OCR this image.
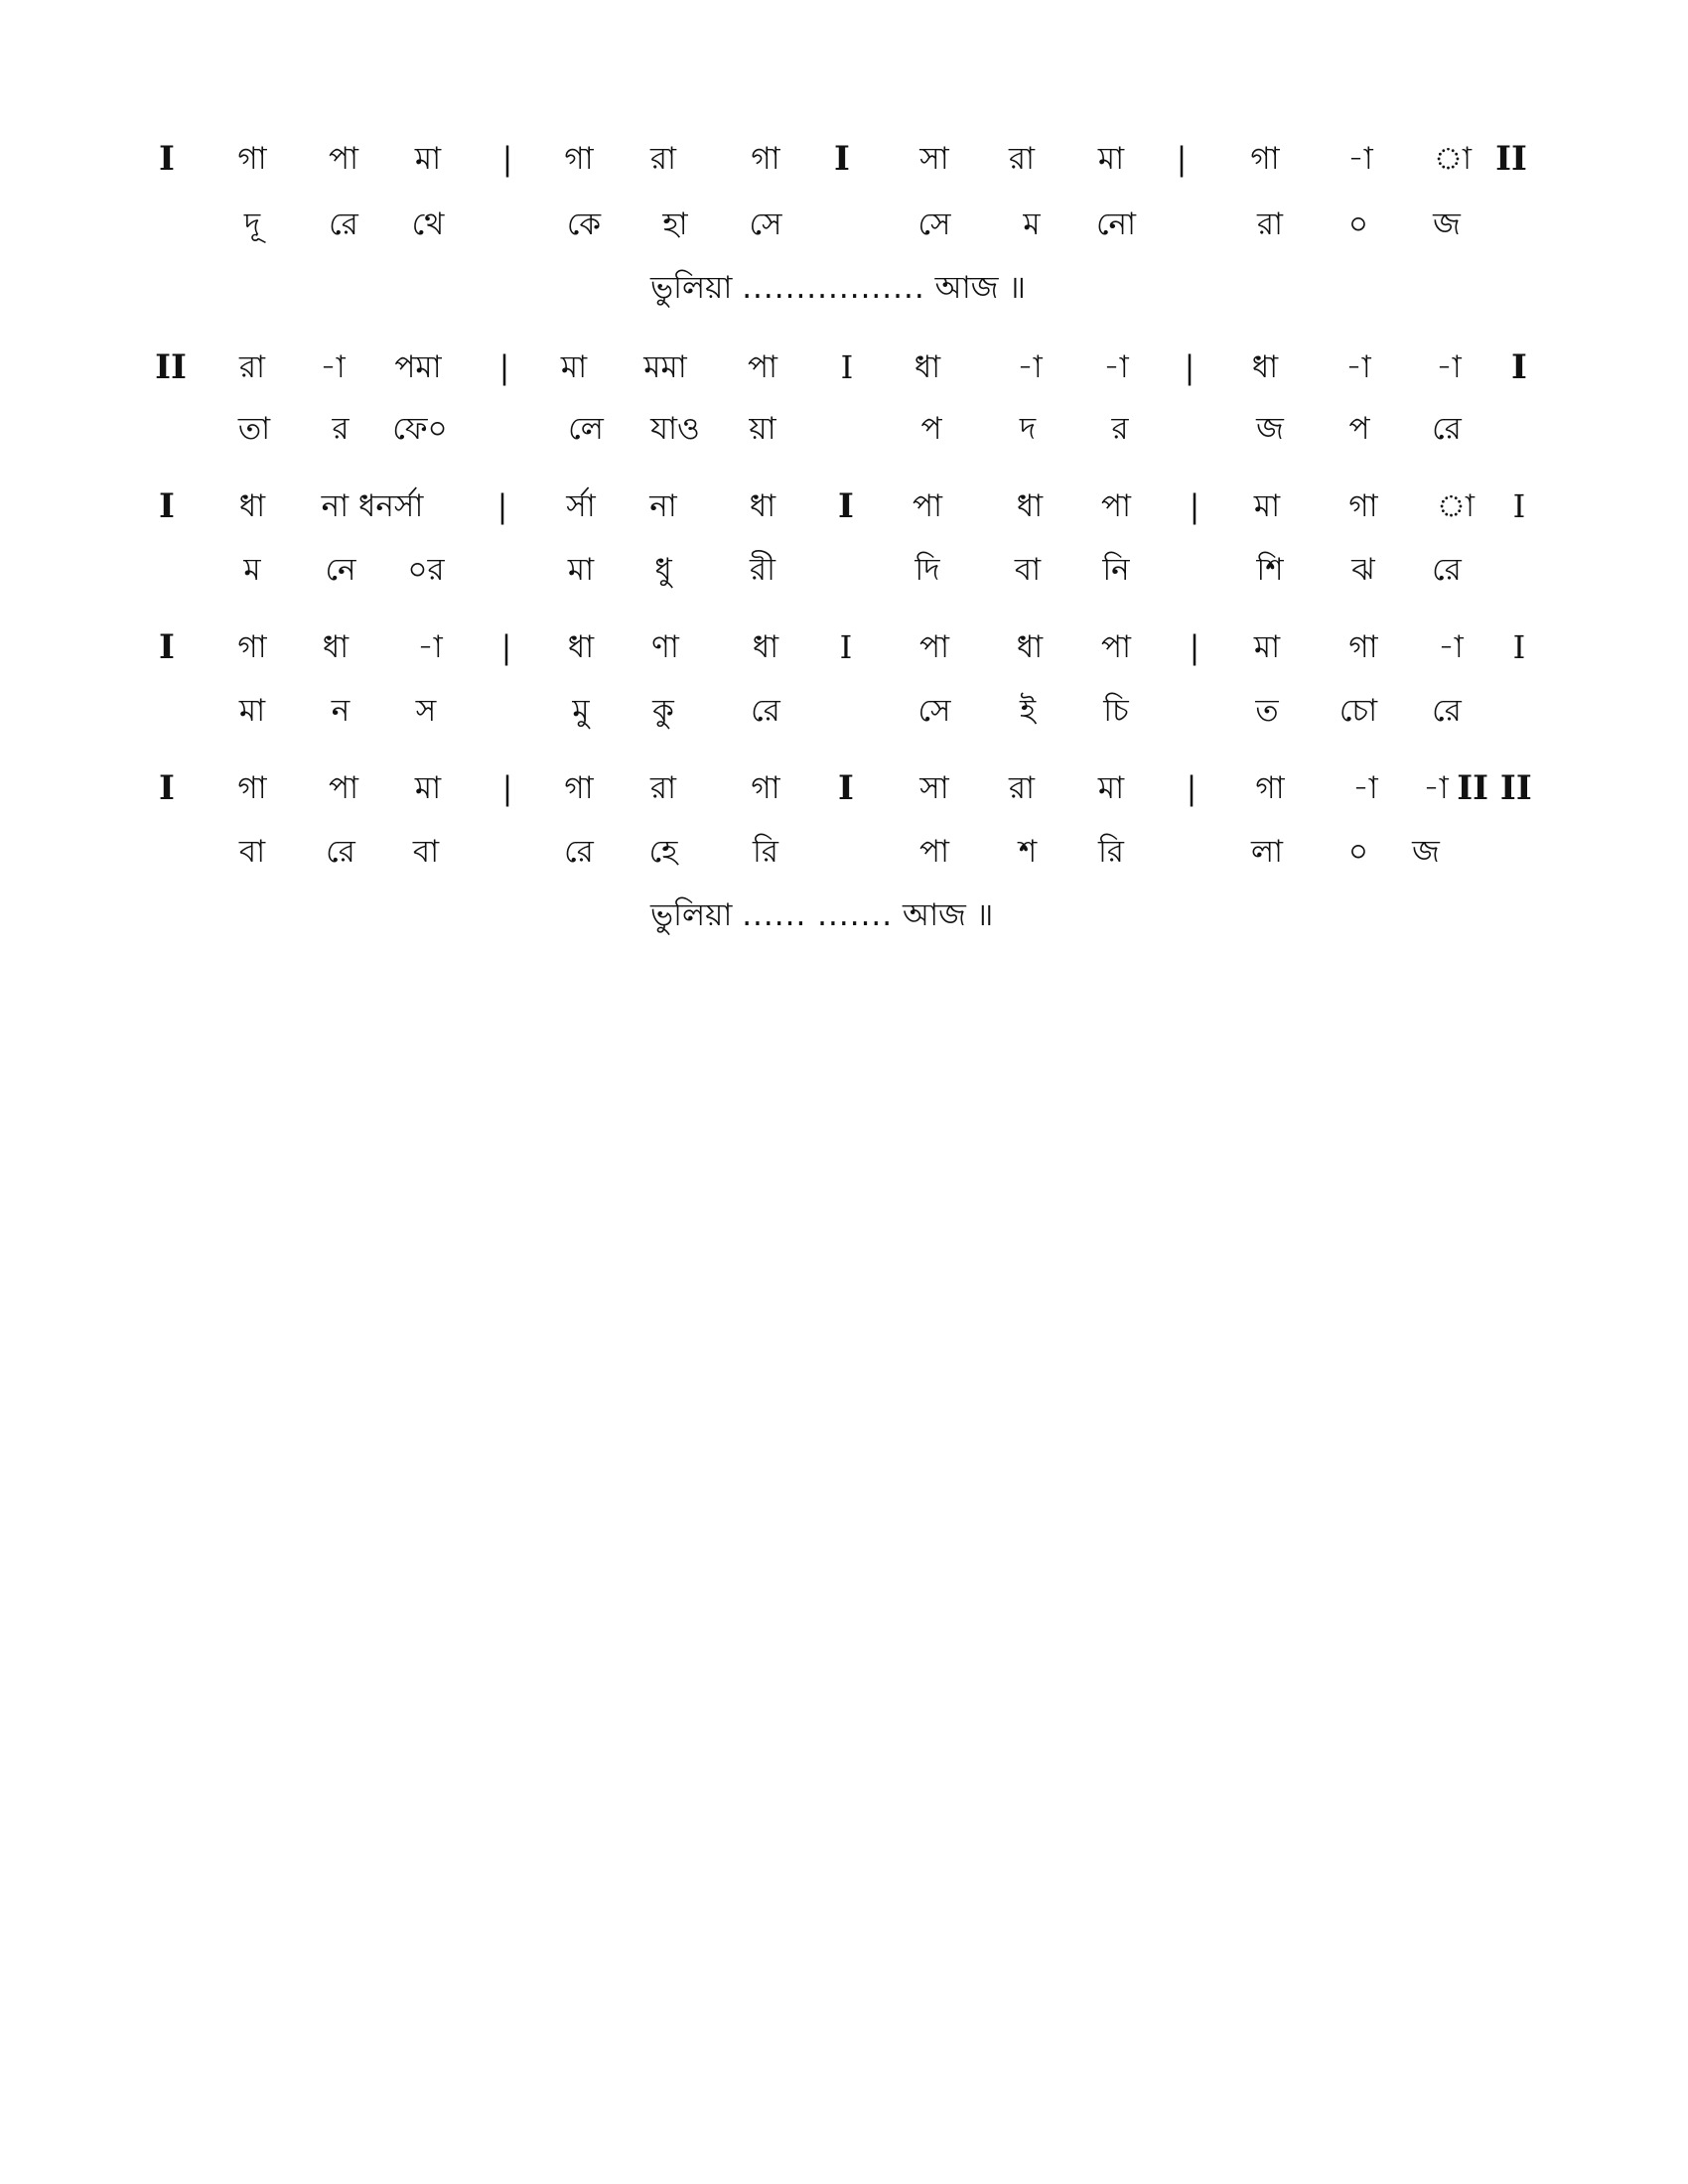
I	গা	পা	মা	|	গা	রা	গা	I	সা	রা	মা	|	গা	-া	া II
দূ	রে	থে	কে	হা	সে	সে	ম	নো	রা	০	জ
ভুলিয়া ................. আজ ॥
II	রা	-া	পমা	|	মা	মমা	পা	I	ধা	-া	-া	|	ধা	-া	-া	I
তা	র	ফে০	লে	যাও	য়া	প	দ	র	জ	প	রে
I	ধা	না ধনর্সা	|	র্সা	না	ধা	I	পা	ধা	পা	|	মা	গা	া	I
ম	নে	০র	মা	ধু	রী	দি	বা	নি	শি	ঝ	রে
I	গা	ধা	-া	|	ধা	ণা	ধা	I	পা	ধা	পা	|	মা	গা	-া	I
মা	ন	স	মু	কু	রে	সে	ই	চি	ত	চো	রে
I	গা	পা	মা	|	গা	রা	গা	I	সা	রা	মা	|	গা	-া	-া II II
বা	রে	বা	রে	হে	রি	পা	শ	রি	লা	০	জ
ভুলিয়া ...... ....... আজ ॥
